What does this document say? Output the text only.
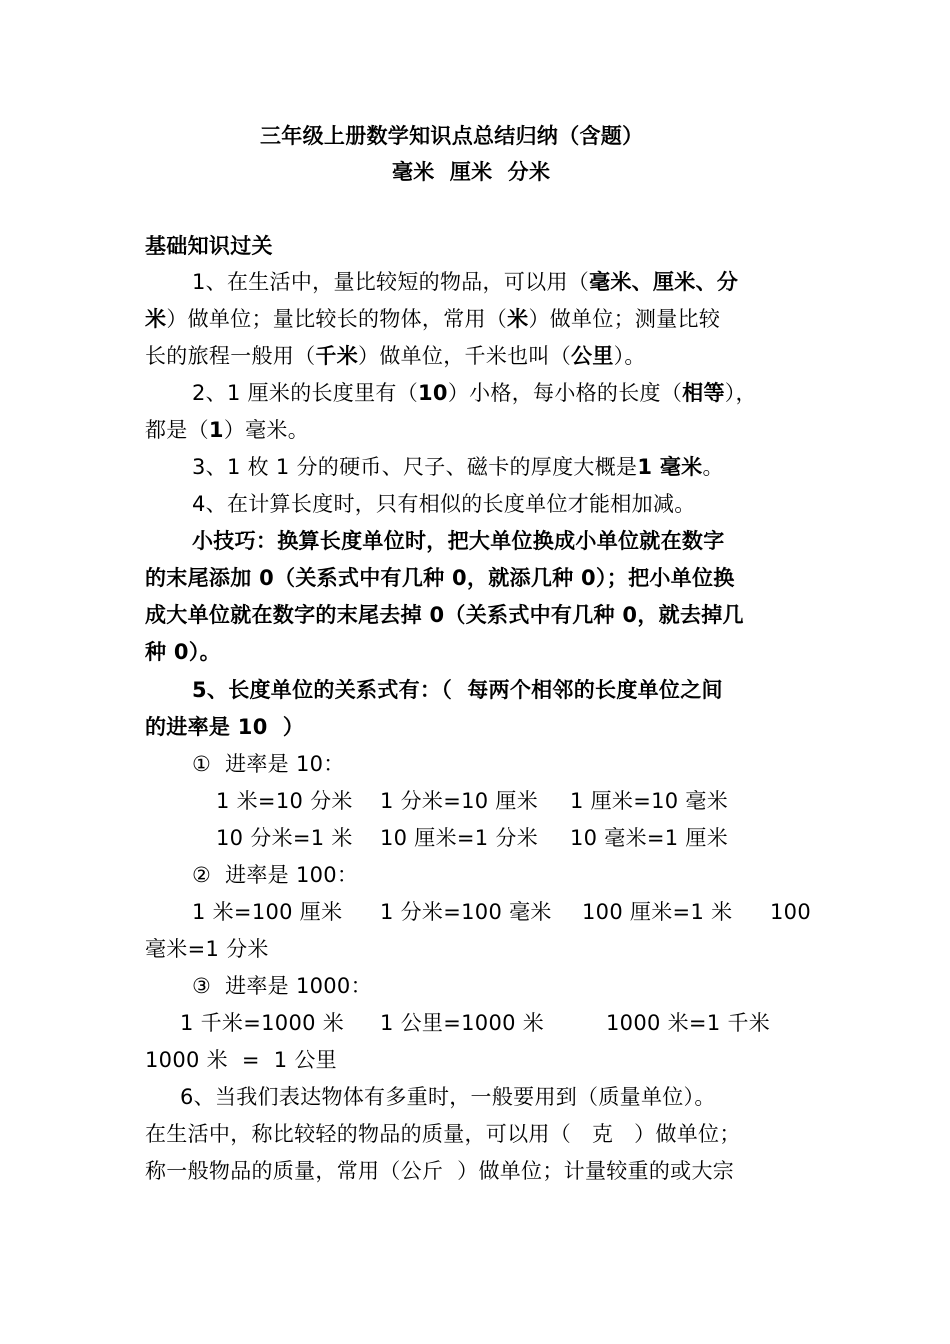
三年级上册数学知识点总结归纳（含题）
毫米  厘米  分米
基础知识过关
1、在生活中，量比较短的物品，可以用（毫米、厘米、分
米）做单位；量比较长的物体，常用（米）做单位；测量比较
长的旅程一般用（千米）做单位，千米也叫（公里）。
2、1 厘米的长度里有（10）小格，每小格的长度（相等），
都是（1）毫米。
3、1 枚 1 分的硬币、尺子、磁卡的厚度大概是1 毫米。
4、在计算长度时，只有相似的长度单位才能相加减。
小技巧：换算长度单位时，把大单位换成小单位就在数字
的末尾添加 0（关系式中有几种 0，就添几种 0）；把小单位换
成大单位就在数字的末尾去掉 0（关系式中有几种 0，就去掉几
种 0）。
5、长度单位的关系式有：（  每两个相邻的长度单位之间
的进率是 10  ）
①  进率是 10：
1 米=10 分米 1 分米=10 厘米 1 厘米=10 毫米
10 分米=1 米 10 厘米=1 分米 10 毫米=1 厘米
②  进率是 100：
1 米=100 厘米 1 分米=100 毫米 100 厘米=1 米 100
毫米=1 分米
③  进率是 1000：
1 千米=1000 米 1 公里=1000 米	1000 米=1 千米
1000 米  =  1 公里
6、当我们表达物体有多重时，一般要用到（质量单位）。
在生活中，称比较轻的物品的质量，可以用（   克   ）做单位；
称一般物品的质量，常用（公斤  ）做单位；计量较重的或大宗
